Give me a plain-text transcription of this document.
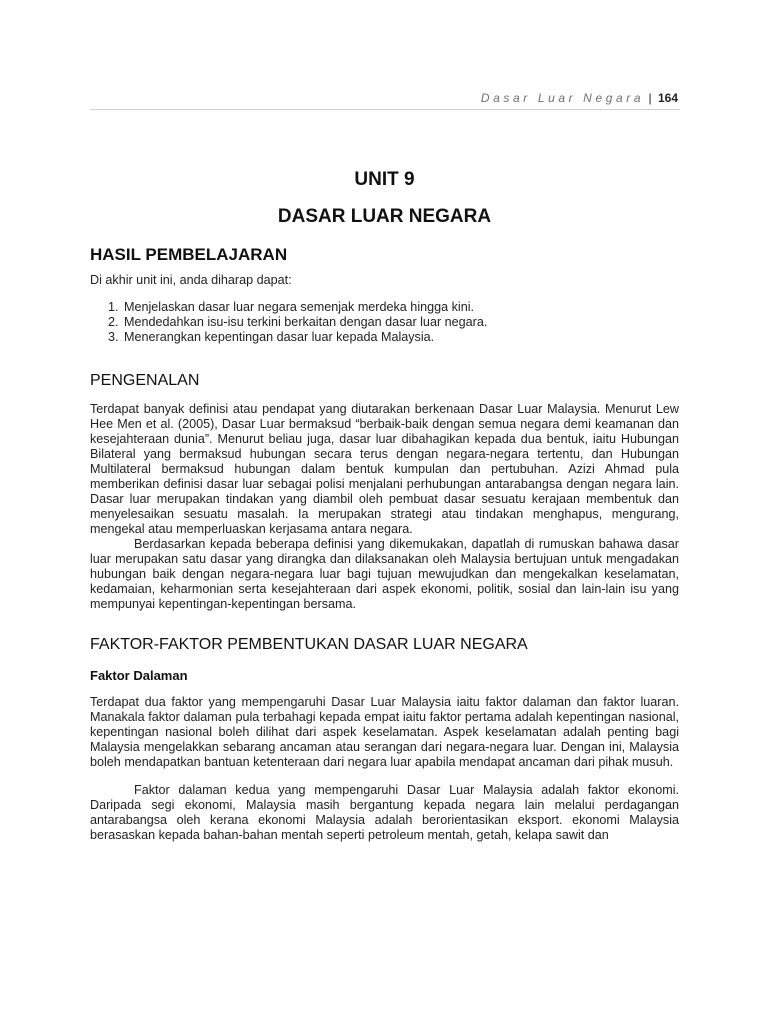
Dasar Luar Negara | 164
UNIT 9
DASAR LUAR NEGARA
HASIL PEMBELAJARAN

Di akhir unit ini, anda diharap dapat:

1. Menjelaskan dasar luar negara semenjak merdeka hingga kini.
2. Mendedahkan isu-isu terkini berkaitan dengan dasar luar negara.
3. Menerangkan kepentingan dasar luar kepada Malaysia.
PENGENALAN

Terdapat banyak definisi atau pendapat yang diutarakan berkenaan Dasar Luar Malaysia. Menurut Lew Hee Men et al. (2005), Dasar Luar bermaksud “berbaik-baik dengan semua negara demi keamanan dan kesejahteraan dunia”. Menurut beliau juga, dasar luar dibahagikan kepada dua bentuk, iaitu Hubungan Bilateral yang bermaksud hubungan secara terus dengan negara-negara tertentu, dan Hubungan Multilateral bermaksud hubungan dalam bentuk kumpulan dan pertubuhan. Azizi Ahmad pula memberikan definisi dasar luar sebagai polisi menjalani perhubungan antarabangsa dengan negara lain. Dasar luar merupakan tindakan yang diambil oleh pembuat dasar sesuatu kerajaan membentuk dan menyelesaikan sesuatu masalah. Ia merupakan strategi atau tindakan menghapus, mengurang, mengekal atau memperluaskan kerjasama antara negara.

Berdasarkan kepada beberapa definisi yang dikemukakan, dapatlah di rumuskan bahawa dasar luar merupakan satu dasar yang dirangka dan dilaksanakan oleh Malaysia bertujuan untuk mengadakan hubungan baik dengan negara-negara luar bagi tujuan mewujudkan dan mengekalkan keselamatan, kedamaian, keharmonian serta kesejahteraan dari aspek ekonomi, politik, sosial dan lain-lain isu yang mempunyai kepentingan-kepentingan bersama.

FAKTOR-FAKTOR PEMBENTUKAN DASAR LUAR NEGARA
Faktor Dalaman

Terdapat dua faktor yang mempengaruhi Dasar Luar Malaysia iaitu faktor dalaman dan faktor luaran. Manakala faktor dalaman pula terbahagi kepada empat iaitu faktor pertama adalah kepentingan nasional, kepentingan nasional boleh dilihat dari aspek keselamatan. Aspek keselamatan adalah penting bagi Malaysia mengelakkan sebarang ancaman atau serangan dari negara-negara luar. Dengan ini, Malaysia boleh mendapatkan bantuan ketenteraan dari negara luar apabila mendapat ancaman dari pihak musuh.

Faktor dalaman kedua yang mempengaruhi Dasar Luar Malaysia adalah faktor ekonomi. Daripada segi ekonomi, Malaysia masih bergantung kepada negara lain melalui perdagangan antarabangsa oleh kerana ekonomi Malaysia adalah berorientasikan eksport. ekonomi Malaysia berasaskan kepada bahan-bahan mentah seperti petroleum mentah, getah, kelapa sawit dan
